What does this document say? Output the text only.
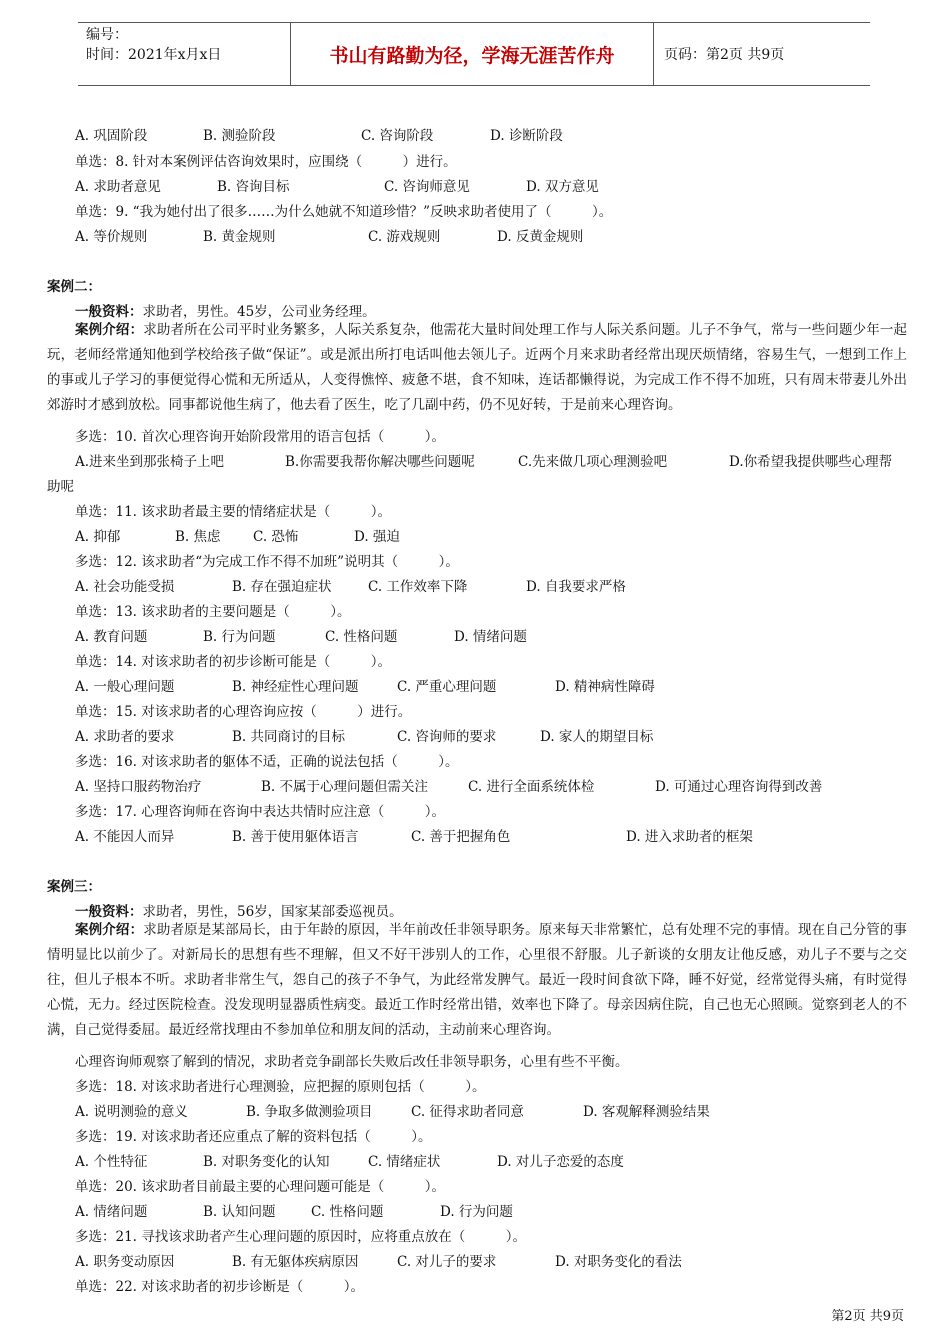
编号：
时间：2021年x月x日	书山有路勤为径，学海无涯苦作舟	页码：第2页 共9页
A. 巩固阶段	B. 测验阶段	C. 咨询阶段	D. 诊断阶段
单选：8. 针对本案例评估咨询效果时，应围绕（　　　）进行。
A. 求助者意见	B. 咨询目标	C. 咨询师意见	D. 双方意见
单选：9. “我为她付出了很多……为什么她就不知道珍惜？”反映求助者使用了（　　　）。
A. 等价规则	B. 黄金规则	C. 游戏规则	D. 反黄金规则
案例二：
一般资料：求助者，男性。45岁，公司业务经理。
案例介绍：求助者所在公司平时业务繁多，人际关系复杂，他需花大量时间处理工作与人际关系问题。儿子不争气，常与一些问题少年一起玩，老师经常通知他到学校给孩子做“保证”。或是派出所打电话叫他去领儿子。近两个月来求助者经常出现厌烦情绪，容易生气，一想到工作上的事或儿子学习的事便觉得心慌和无所适从，人变得憔悴、疲惫不堪，食不知味，连话都懒得说，为完成工作不得不加班，只有周末带妻儿外出郊游时才感到放松。同事都说他生病了，他去看了医生，吃了几副中药，仍不见好转，于是前来心理咨询。
多选：10. 首次心理咨询开始阶段常用的语言包括（　　　）。
A.进来坐到那张椅子上吧	B.你需要我帮你解决哪些问题呢	C.先来做几项心理测验吧	D.你希望我提供哪些心理帮
助呢
单选：11. 该求助者最主要的情绪症状是（　　　）。
A. 抑郁	B. 焦虑 C. 恐怖	D. 强迫
多选：12. 该求助者“为完成工作不得不加班”说明其（　　　）。
A. 社会功能受损	B. 存在强迫症状	C. 工作效率下降	D. 自我要求严格
单选：13. 该求助者的主要问题是（　　　）。
A. 教育问题	B. 行为问题	C. 性格问题	D. 情绪问题
单选：14. 对该求助者的初步诊断可能是（　　　）。
A. 一般心理问题	B. 神经症性心理问题	C. 严重心理问题	D. 精神病性障碍
单选：15. 对该求助者的心理咨询应按（　　　）进行。
A. 求助者的要求	B. 共同商讨的目标	C. 咨询师的要求	D. 家人的期望目标
多选：16. 对该求助者的躯体不适，正确的说法包括（　　　）。
A. 坚持口服药物治疗	B. 不属于心理问题但需关注	C. 进行全面系统体检	D. 可通过心理咨询得到改善
多选：17. 心理咨询师在咨询中表达共情时应注意（　　　）。
A. 不能因人而异	B. 善于使用躯体语言	C. 善于把握角色	D. 进入求助者的框架
案例三：
一般资料：求助者，男性，56岁，国家某部委巡视员。
案例介绍：求助者原是某部局长，由于年龄的原因，半年前改任非领导职务。原来每天非常繁忙，总有处理不完的事情。现在自己分管的事情明显比以前少了。对新局长的思想有些不理解，但又不好干涉别人的工作，心里很不舒服。儿子新谈的女朋友让他反感，劝儿子不要与之交往，但儿子根本不听。求助者非常生气，怨自己的孩子不争气，为此经常发脾气。最近一段时间食欲下降，睡不好觉，经常觉得头痛，有时觉得心慌，无力。经过医院检查。没发现明显器质性病变。最近工作时经常出错，效率也下降了。母亲因病住院，自己也无心照顾。觉察到老人的不满，自己觉得委屈。最近经常找理由不参加单位和朋友间的活动，主动前来心理咨询。
心理咨询师观察了解到的情况，求助者竞争副部长失败后改任非领导职务，心里有些不平衡。
多选：18. 对该求助者进行心理测验，应把握的原则包括（　　　）。
A. 说明测验的意义	B. 争取多做测验项目	C. 征得求助者同意	D. 客观解释测验结果
多选：19. 对该求助者还应重点了解的资料包括（　　　）。
A. 个性特征	B. 对职务变化的认知	C. 情绪症状	D. 对儿子恋爱的态度
单选：20. 该求助者目前最主要的心理问题可能是（　　　）。
A. 情绪问题	B. 认知问题	C. 性格问题	D. 行为问题
多选：21. 寻找该求助者产生心理问题的原因时，应将重点放在（　　　）。
A. 职务变动原因	B. 有无躯体疾病原因	C. 对儿子的要求	D. 对职务变化的看法
单选：22. 对该求助者的初步诊断是（　　　）。
第2页 共9页
